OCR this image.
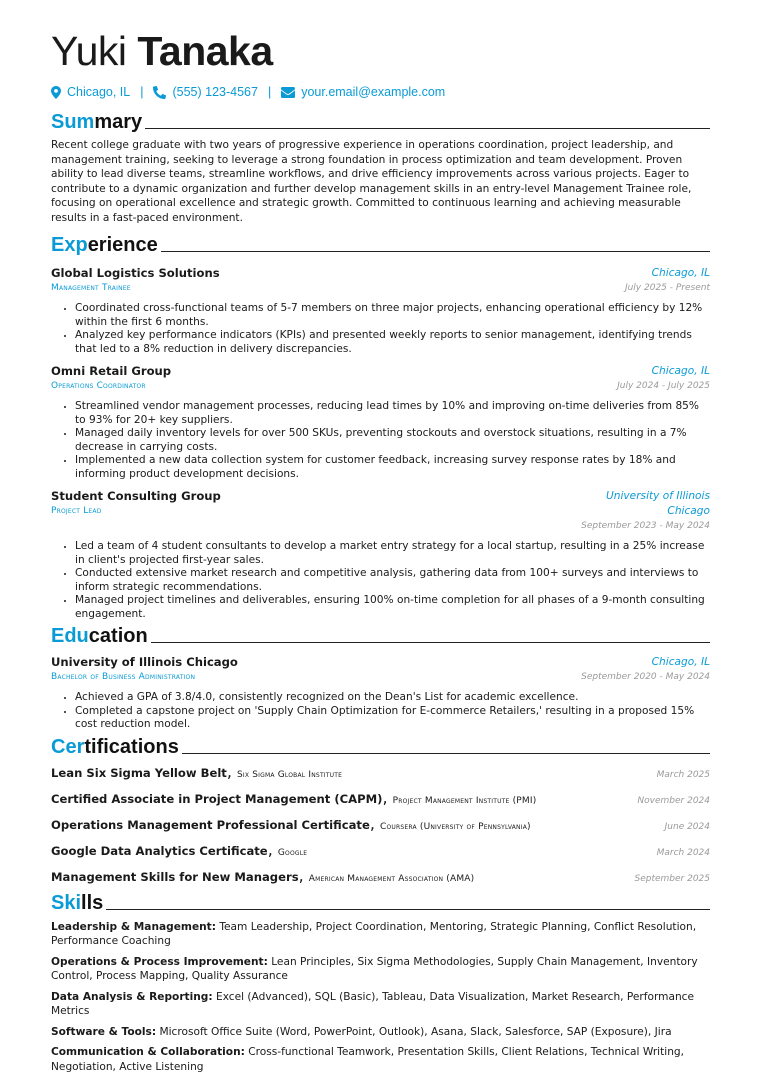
Yuki Tanaka
Chicago, IL | (555) 123-4567 | your.email@example.com
Summary

Recent college graduate with two years of progressive experience in operations coordination, project leadership, and management training, seeking to leverage a strong foundation in process optimization and team development. Proven ability to lead diverse teams, streamline workflows, and drive efficiency improvements across various projects. Eager to contribute to a dynamic organization and further develop management skills in an entry-level Management Trainee role, focusing on operational excellence and strategic growth. Committed to continuous learning and achieving measurable results in a fast-paced environment.

Experience
Global Logistics Solutions	Chicago, IL
Management Trainee	July 2025 - Present
• Coordinated cross-functional teams of 5-7 members on three major projects, enhancing operational efficiency by 12% within the first 6 months.
• Analyzed key performance indicators (KPIs) and presented weekly reports to senior management, identifying trends that led to a 8% reduction in delivery discrepancies.
Omni Retail Group	Chicago, IL
Operations Coordinator	July 2024 - July 2025
• Streamlined vendor management processes, reducing lead times by 10% and improving on-time deliveries from 85% to 93% for 20+ key suppliers.
• Managed daily inventory levels for over 500 SKUs, preventing stockouts and overstock situations, resulting in a 7% decrease in carrying costs.
• Implemented a new data collection system for customer feedback, increasing survey response rates by 18% and informing product development decisions.
Student Consulting Group	University of Illinois
Project Lead	Chicago
September 2023 - May 2024
• Led a team of 4 student consultants to develop a market entry strategy for a local startup, resulting in a 25% increase in client's projected first-year sales.
• Conducted extensive market research and competitive analysis, gathering data from 100+ surveys and interviews to inform strategic recommendations.
• Managed project timelines and deliverables, ensuring 100% on-time completion for all phases of a 9-month consulting engagement.
Education
University of Illinois Chicago	Chicago, IL
Bachelor of Business Administration	September 2020 - May 2024
• Achieved a GPA of 3.8/4.0, consistently recognized on the Dean's List for academic excellence.
• Completed a capstone project on 'Supply Chain Optimization for E-commerce Retailers,' resulting in a proposed 15% cost reduction model.
Certifications
Lean Six Sigma Yellow Belt, Six Sigma Global Institute	March 2025
Certified Associate in Project Management (CAPM), Project Management Institute (PMI)	November 2024
Operations Management Professional Certificate, Coursera (University of Pennsylvania)	June 2024
Google Data Analytics Certificate, Google	March 2024
Management Skills for New Managers, American Management Association (AMA)	September 2025
Skills
Leadership & Management: Team Leadership, Project Coordination, Mentoring, Strategic Planning, Conflict Resolution, Performance Coaching
Operations & Process Improvement: Lean Principles, Six Sigma Methodologies, Supply Chain Management, Inventory Control, Process Mapping, Quality Assurance
Data Analysis & Reporting: Excel (Advanced), SQL (Basic), Tableau, Data Visualization, Market Research, Performance Metrics
Software & Tools: Microsoft Office Suite (Word, PowerPoint, Outlook), Asana, Slack, Salesforce, SAP (Exposure), Jira
Communication & Collaboration: Cross-functional Teamwork, Presentation Skills, Client Relations, Technical Writing, Negotiation, Active Listening
